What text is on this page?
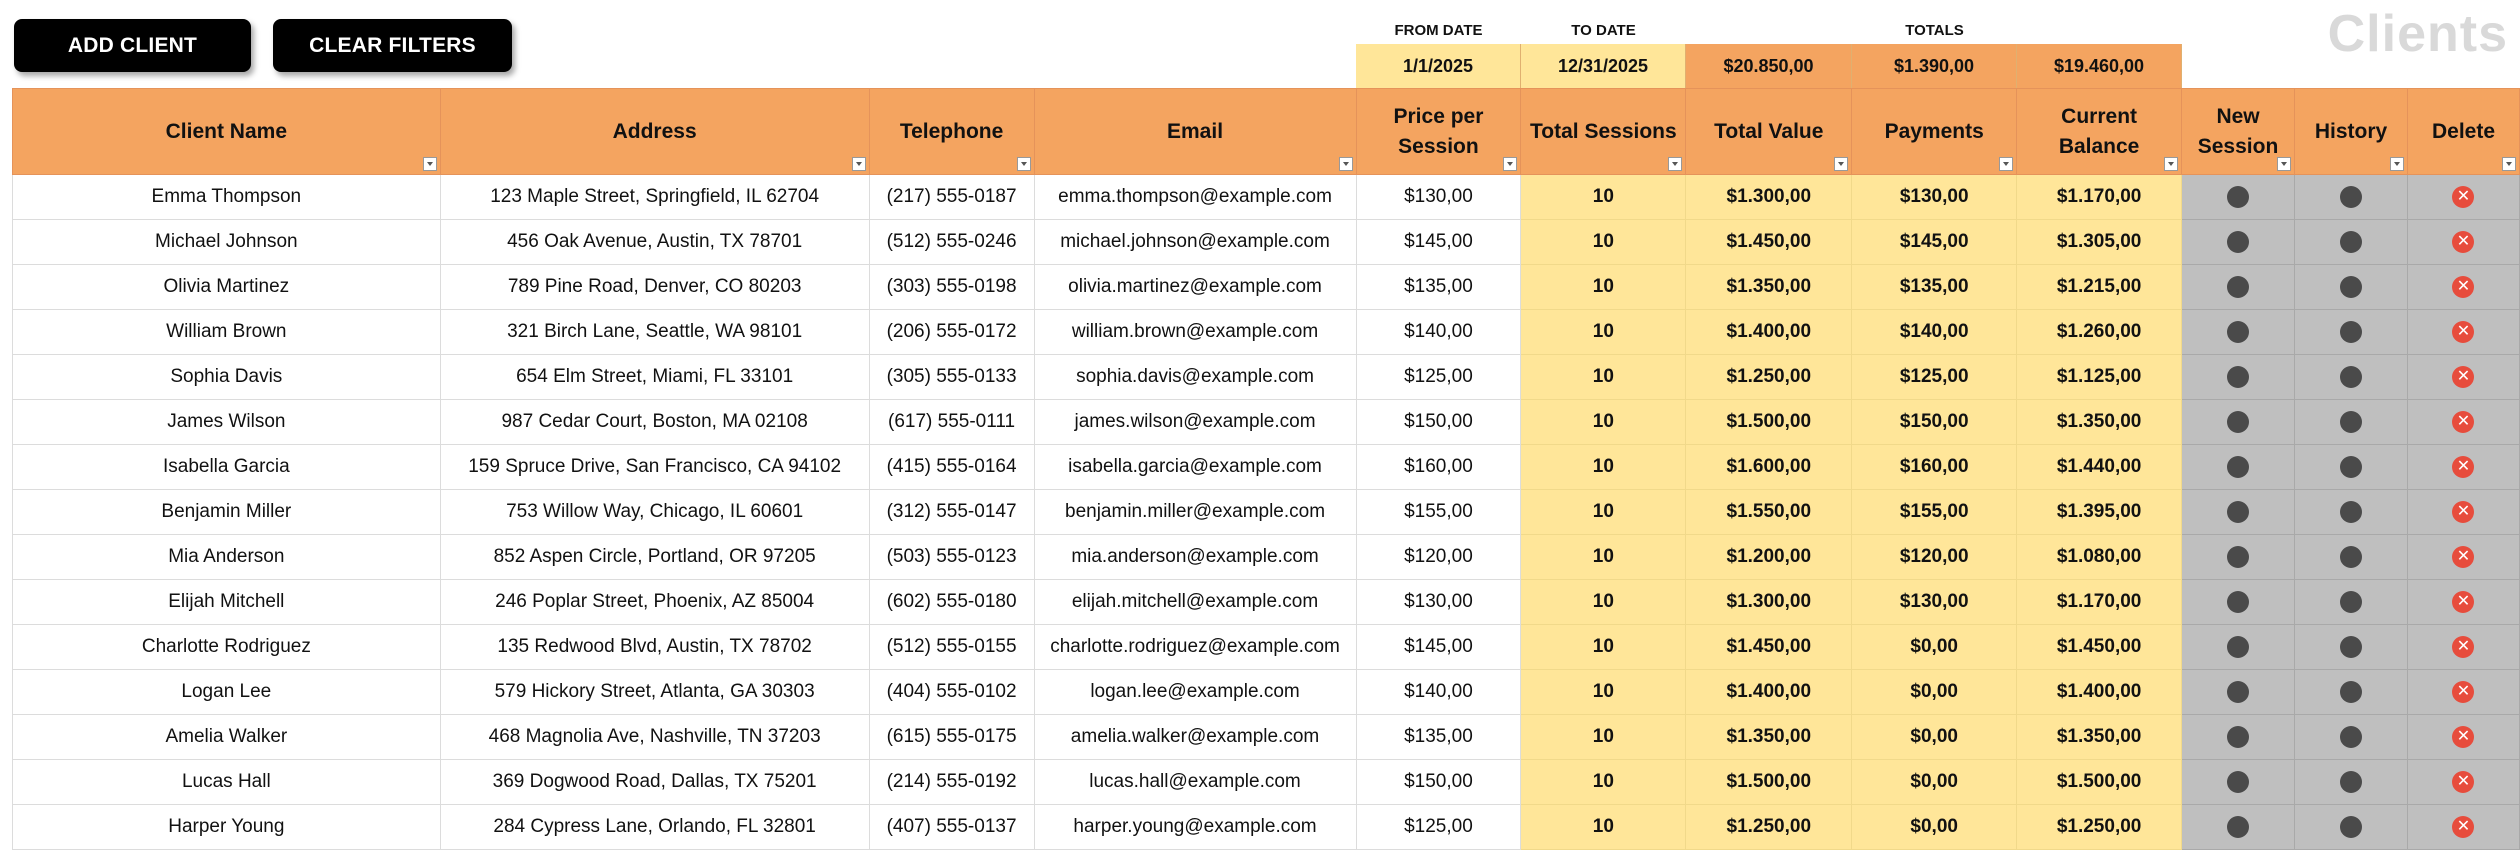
ADD CLIENT	CLEAR FILTERS
FROM DATE	TO DATE	TOTALS
1/1/2025	12/31/2025	$20.850,00	$1.390,00	$19.460,00
Clients
Client Name	Address	Telephone	Email	Price per Session	Total Sessions	Total Value	Payments	Current Balance	New Session	History	Delete

Emma Thompson	123 Maple Street, Springfield, IL 62704	(217) 555-0187	emma.thompson@example.com	$130,00	10	$1.300,00	$130,00	$1.170,00			✕
Michael Johnson	456 Oak Avenue, Austin, TX 78701	(512) 555-0246	michael.johnson@example.com	$145,00	10	$1.450,00	$145,00	$1.305,00			✕
Olivia Martinez	789 Pine Road, Denver, CO 80203	(303) 555-0198	olivia.martinez@example.com	$135,00	10	$1.350,00	$135,00	$1.215,00			✕
William Brown	321 Birch Lane, Seattle, WA 98101	(206) 555-0172	william.brown@example.com	$140,00	10	$1.400,00	$140,00	$1.260,00			✕
Sophia Davis	654 Elm Street, Miami, FL 33101	(305) 555-0133	sophia.davis@example.com	$125,00	10	$1.250,00	$125,00	$1.125,00			✕
James Wilson	987 Cedar Court, Boston, MA 02108	(617) 555-0111	james.wilson@example.com	$150,00	10	$1.500,00	$150,00	$1.350,00			✕
Isabella Garcia	159 Spruce Drive, San Francisco, CA 94102	(415) 555-0164	isabella.garcia@example.com	$160,00	10	$1.600,00	$160,00	$1.440,00			✕
Benjamin Miller	753 Willow Way, Chicago, IL 60601	(312) 555-0147	benjamin.miller@example.com	$155,00	10	$1.550,00	$155,00	$1.395,00			✕
Mia Anderson	852 Aspen Circle, Portland, OR 97205	(503) 555-0123	mia.anderson@example.com	$120,00	10	$1.200,00	$120,00	$1.080,00			✕
Elijah Mitchell	246 Poplar Street, Phoenix, AZ 85004	(602) 555-0180	elijah.mitchell@example.com	$130,00	10	$1.300,00	$130,00	$1.170,00			✕
Charlotte Rodriguez	135 Redwood Blvd, Austin, TX 78702	(512) 555-0155	charlotte.rodriguez@example.com	$145,00	10	$1.450,00	$0,00	$1.450,00			✕
Logan Lee	579 Hickory Street, Atlanta, GA 30303	(404) 555-0102	logan.lee@example.com	$140,00	10	$1.400,00	$0,00	$1.400,00			✕
Amelia Walker	468 Magnolia Ave, Nashville, TN 37203	(615) 555-0175	amelia.walker@example.com	$135,00	10	$1.350,00	$0,00	$1.350,00			✕
Lucas Hall	369 Dogwood Road, Dallas, TX 75201	(214) 555-0192	lucas.hall@example.com	$150,00	10	$1.500,00	$0,00	$1.500,00			✕
Harper Young	284 Cypress Lane, Orlando, FL 32801	(407) 555-0137	harper.young@example.com	$125,00	10	$1.250,00	$0,00	$1.250,00			✕
